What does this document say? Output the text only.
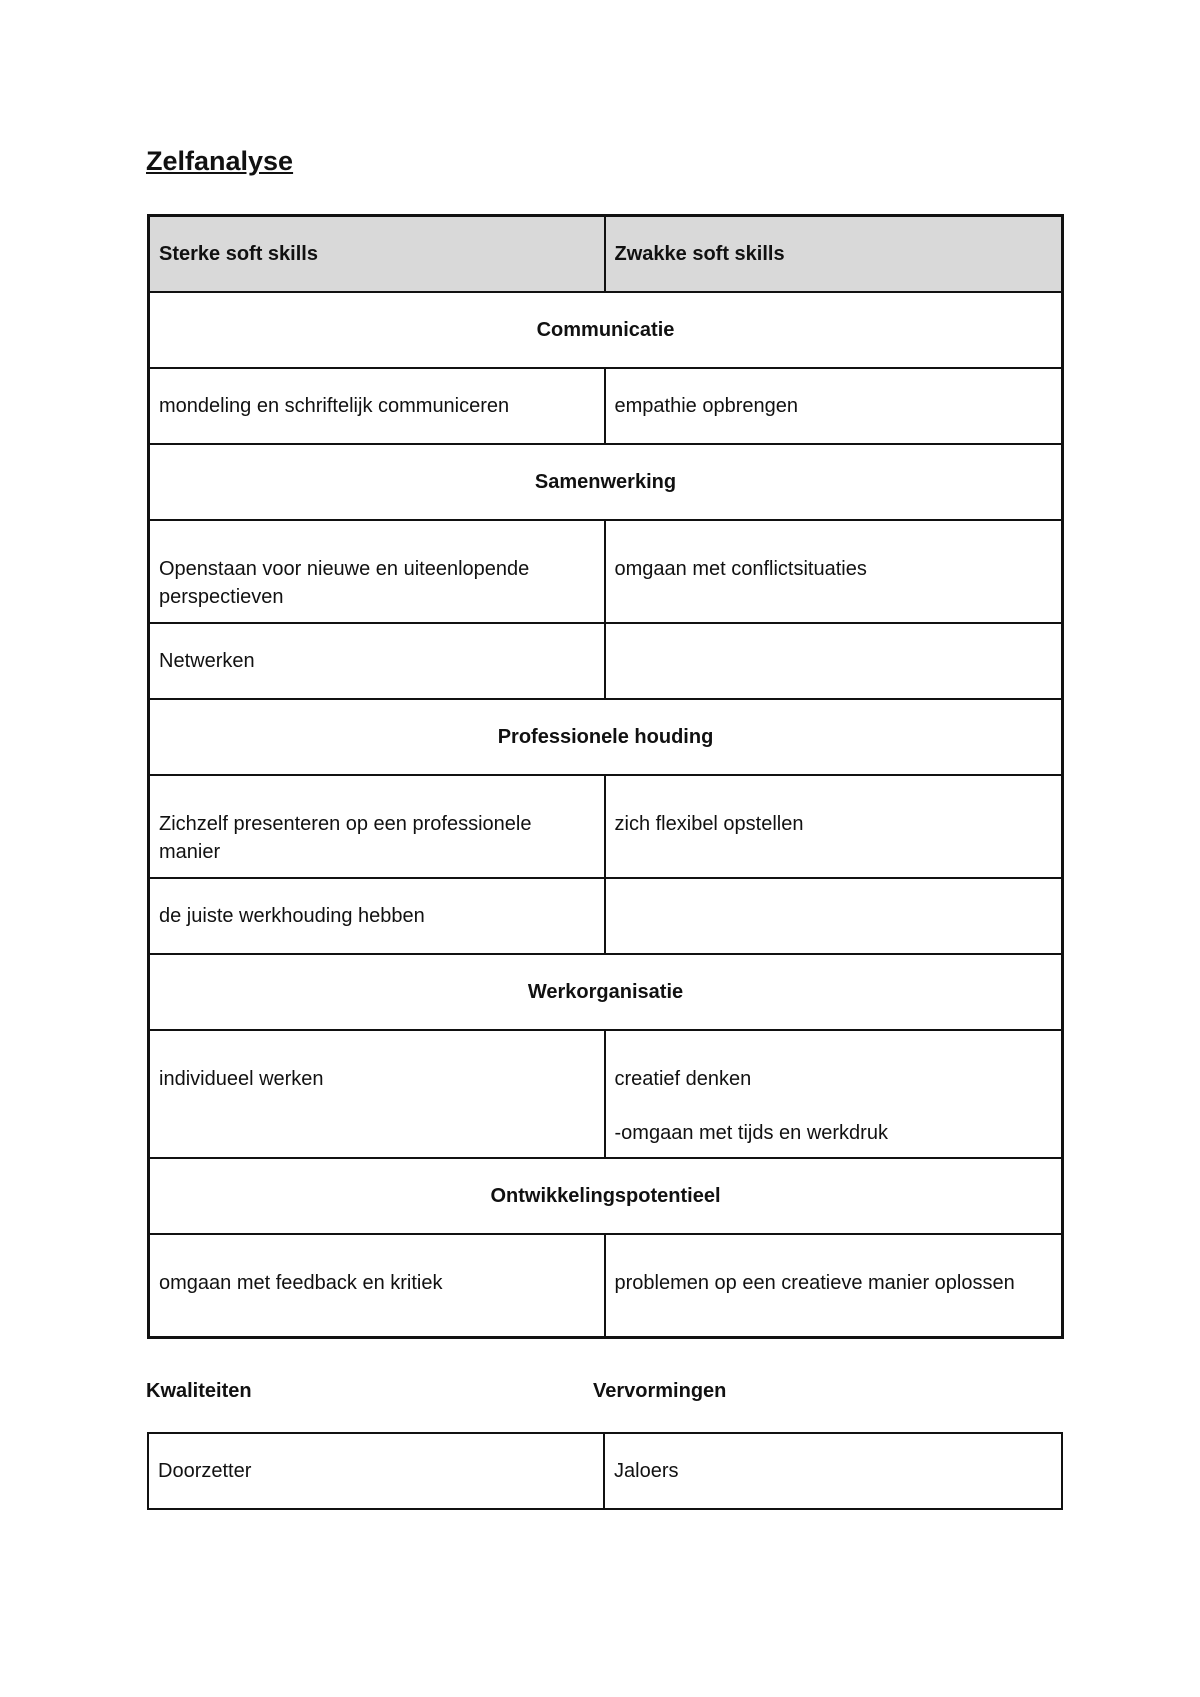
Zelfanalyse
Sterke soft skills	Zwakke soft skills
Communicatie	
mondeling en schriftelijk communiceren	empathie opbrengen
Samenwerking	
Openstaan voor nieuwe en uiteenlopende perspectieven	omgaan met conflictsituaties
Netwerken	
Professionele houding	
Zichzelf presenteren op een professionele manier	zich flexibel opstellen
de juiste werkhouding hebben	
Werkorganisatie	
individueel werken	creatief denken
-omgaan met tijds en werkdruk

Ontwikkelingspotentieel	
omgaan met feedback en kritiek	problemen op een creatieve manier oplossen

Kwaliteiten	Vervormingen

Doorzetter	Jaloers
